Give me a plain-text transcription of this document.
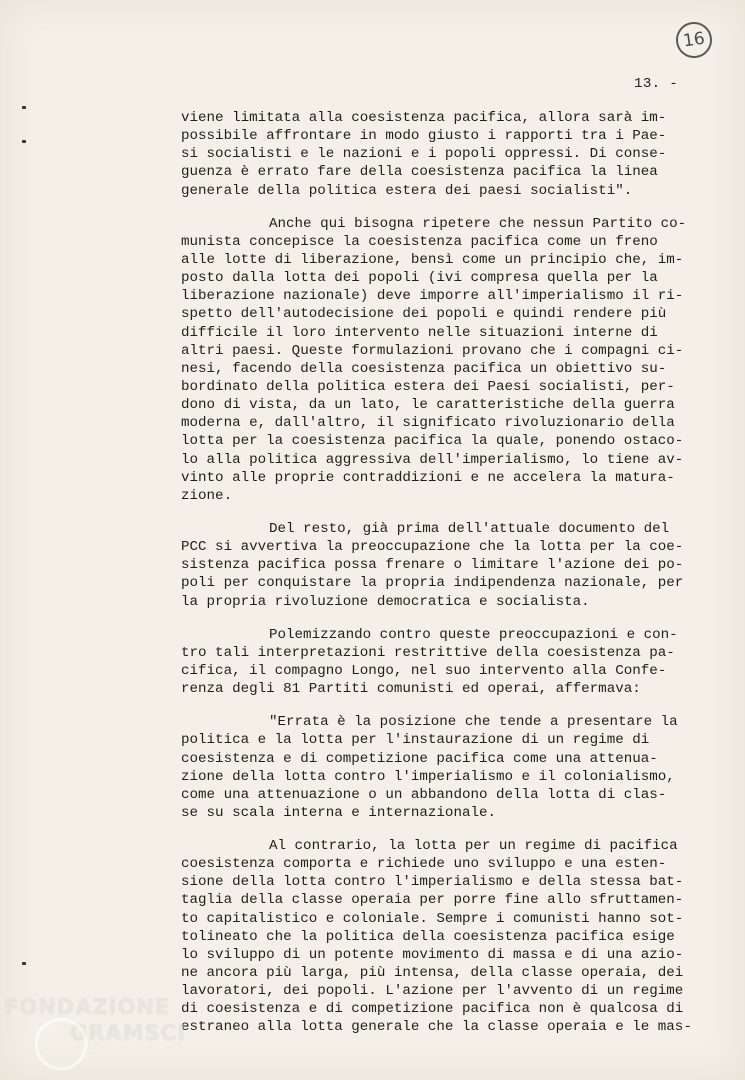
16
13. -
viene limitata alla coesistenza pacifica, allora sarà im-
possibile affrontare in modo giusto i rapporti tra i Pae-
si socialisti e le nazioni e i popoli oppressi. Di conse-
guenza è errato fare della coesistenza pacifica la linea
generale della politica estera dei paesi socialisti".
Anche qui bisogna ripetere che nessun Partito co-
munista concepisce la coesistenza pacifica come un freno
alle lotte di liberazione, bensì come un principio che, im-
posto dalla lotta dei popoli (ivi compresa quella per la
liberazione nazionale) deve imporre all'imperialismo il ri-
spetto dell'autodecisione dei popoli e quindi rendere più
difficile il loro intervento nelle situazioni interne di
altri paesi. Queste formulazioni provano che i compagni ci-
nesi, facendo della coesistenza pacifica un obiettivo su-
bordinato della politica estera dei Paesi socialisti, per-
dono di vista, da un lato, le caratteristiche della guerra
moderna e, dall'altro, il significato rivoluzionario della
lotta per la coesistenza pacifica la quale, ponendo ostaco-
lo alla politica aggressiva dell'imperialismo, lo tiene av-
vinto alle proprie contraddizioni e ne accelera la matura-
zione.
Del resto, già prima dell'attuale documento del
PCC si avvertiva la preoccupazione che la lotta per la coe-
sistenza pacifica possa frenare o limitare l'azione dei po-
poli per conquistare la propria indipendenza nazionale, per
la propria rivoluzione democratica e socialista.
Polemizzando contro queste preoccupazioni e con-
tro tali interpretazioni restrittive della coesistenza pa-
cifica, il compagno Longo, nel suo intervento alla Confe-
renza degli 81 Partiti comunisti ed operai, affermava:
"Errata è la posizione che tende a presentare la
politica e la lotta per l'instaurazione di un regime di
coesistenza e di competizione pacifica come una attenua-
zione della lotta contro l'imperialismo e il colonialismo,
come una attenuazione o un abbandono della lotta di clas-
se su scala interna e internazionale.
Al contrario, la lotta per un regime di pacifica
coesistenza comporta e richiede uno sviluppo e una esten-
sione della lotta contro l'imperialismo e della stessa bat-
taglia della classe operaia per porre fine allo sfruttamen-
to capitalistico e coloniale. Sempre i comunisti hanno sot-
tolineato che la politica della coesistenza pacifica esige
lo sviluppo di un potente movimento di massa e di una azio-
ne ancora più larga, più intensa, della classe operaia, dei
lavoratori, dei popoli. L'azione per l'avvento di un regime
di coesistenza e di competizione pacifica non è qualcosa di
estraneo alla lotta generale che la classe operaia e le mas-
FONDAZIONE
GRAMSCI
